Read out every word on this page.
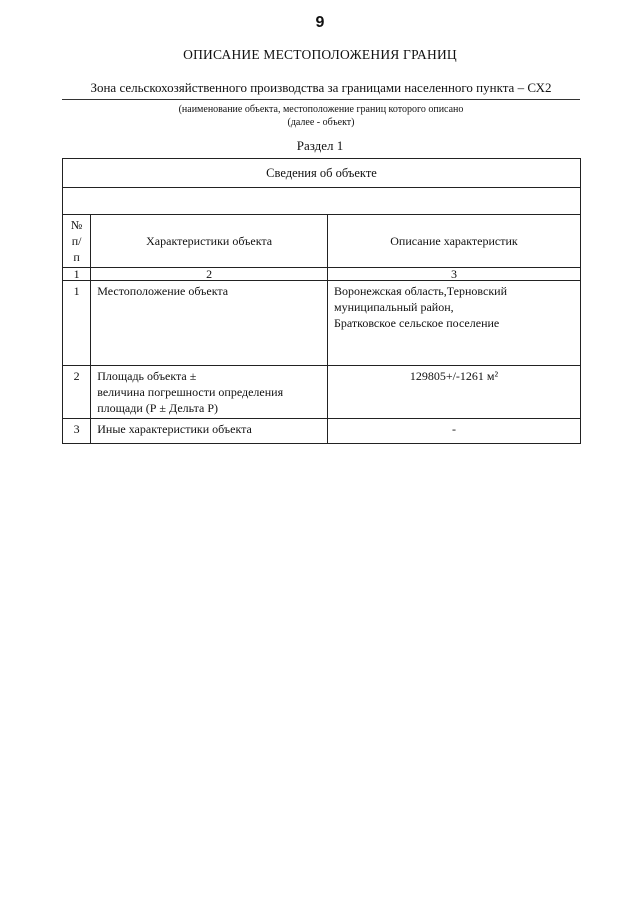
9
ОПИСАНИЕ МЕСТОПОЛОЖЕНИЯ ГРАНИЦ
Зона сельскохозяйственного производства за границами населенного пункта – СХ2
(наименование объекта, местоположение границ которого описано
(далее - объект)
Раздел 1
Сведения об объекте		

№
п/п	Характеристики объекта	Описание характеристик
1	2	3
1	Местоположение объекта	Воронежская область,Терновский
муниципальный район,
Братковское сельское поселение

2	Площадь объекта ±
величина погрешности определения
площади (Р ± Дельта Р)	129805+/-1261 м²
3	Иные характеристики объекта	-
